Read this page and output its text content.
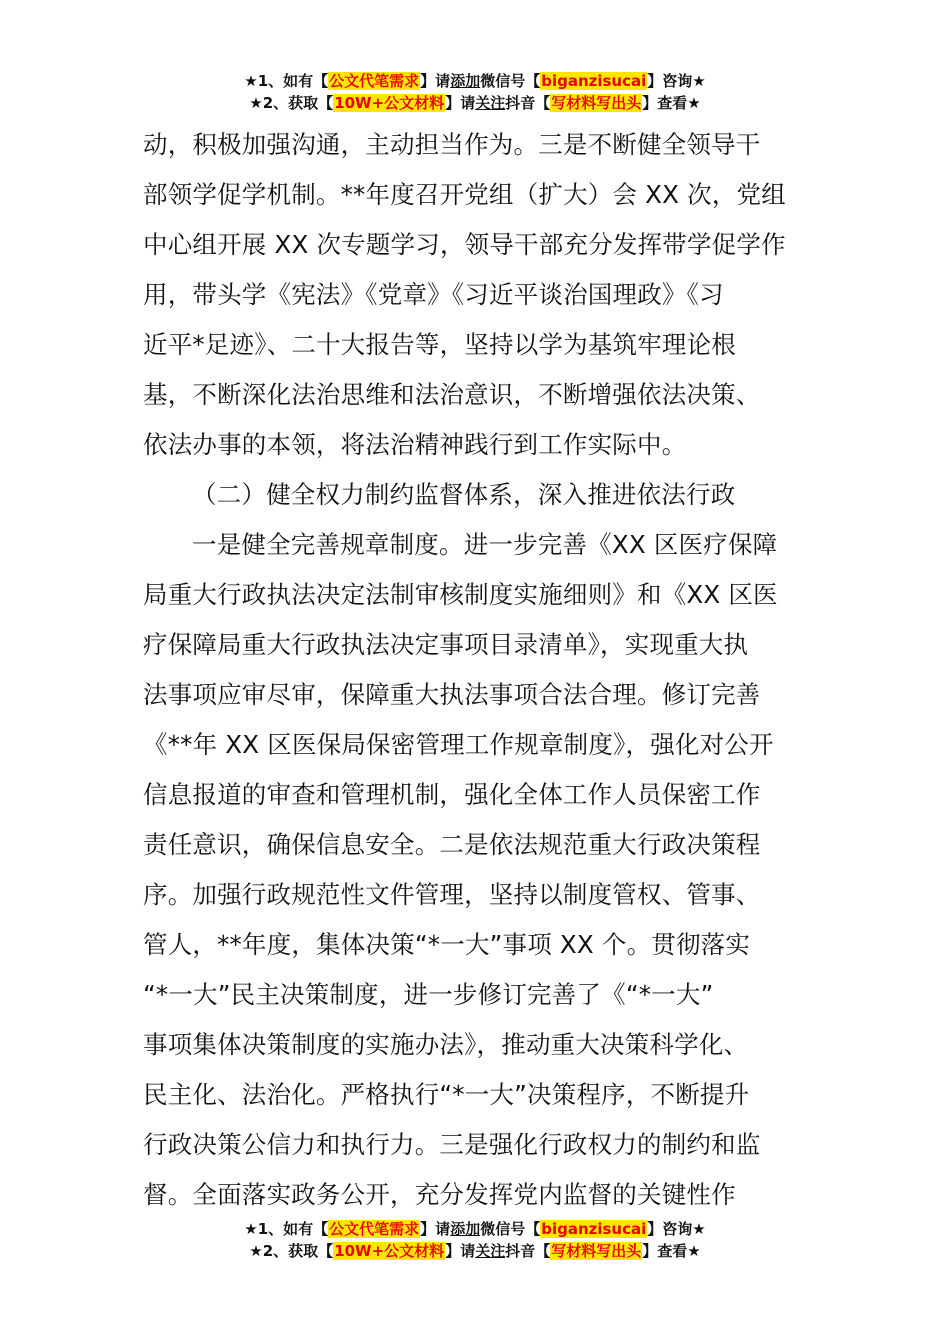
★1、如有【公文代笔需求】请添加微信号【biganzisucai】咨询★
★2、获取【10W+公文材料】请关注抖音【写材料写出头】查看★
动，积极加强沟通，主动担当作为。三是不断健全领导干
部领学促学机制。**年度召开党组（扩大）会 XX 次，党组
中心组开展 XX 次专题学习，领导干部充分发挥带学促学作
用，带头学《宪法》《党章》《习近平谈治国理政》《习
近平*足迹》、二十大报告等，坚持以学为基筑牢理论根
基，不断深化法治思维和法治意识，不断增强依法决策、
依法办事的本领，将法治精神践行到工作实际中。
（二）健全权力制约监督体系，深入推进依法行政
一是健全完善规章制度。进一步完善《XX 区医疗保障
局重大行政执法决定法制审核制度实施细则》和《XX 区医
疗保障局重大行政执法决定事项目录清单》，实现重大执
法事项应审尽审，保障重大执法事项合法合理。修订完善
《**年 XX 区医保局保密管理工作规章制度》，强化对公开
信息报道的审查和管理机制，强化全体工作人员保密工作
责任意识，确保信息安全。二是依法规范重大行政决策程
序。加强行政规范性文件管理，坚持以制度管权、管事、
管人，**年度，集体决策“*一大”事项 XX 个。贯彻落实
“*一大”民主决策制度，进一步修订完善了《“*一大”
事项集体决策制度的实施办法》，推动重大决策科学化、
民主化、法治化。严格执行“*一大”决策程序，不断提升
行政决策公信力和执行力。三是强化行政权力的制约和监
督。全面落实政务公开，充分发挥党内监督的关键性作
★1、如有【公文代笔需求】请添加微信号【biganzisucai】咨询★
★2、获取【10W+公文材料】请关注抖音【写材料写出头】查看★
